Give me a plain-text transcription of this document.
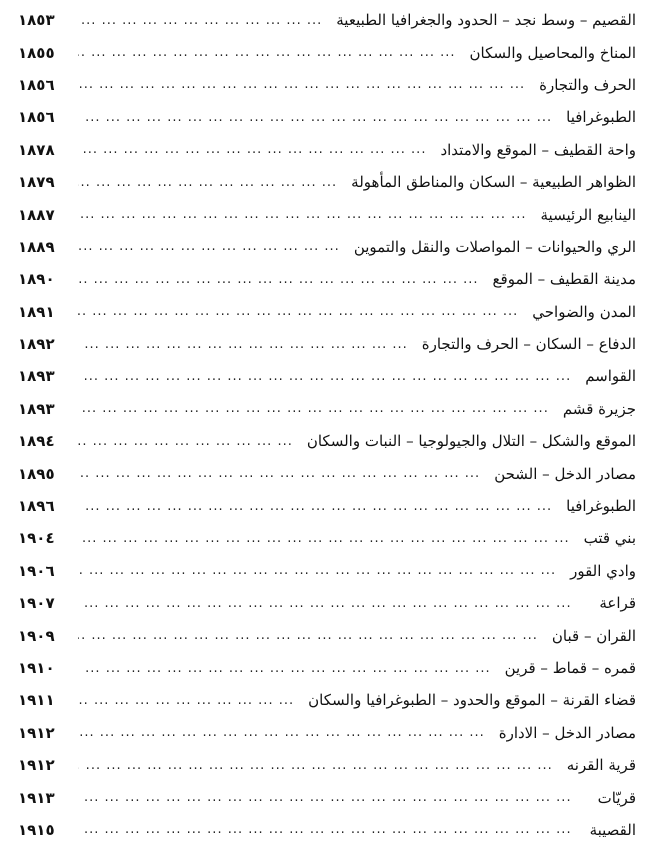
القصيم – وسط نجد – الحدود والجغرافيا الطبيعية
... .
١٨٥٣
المناخ والمحاصيل والسكان
... .
١٨٥٥
الحرف والتجارة
... .
١٨٥٦
الطبوغرافيا
... .
١٨٥٦
واحة القطيف – الموقع والامتداد
... .
١٨٧٨
الظواهر الطبيعية – السكان والمناطق المأهولة
... .
١٨٧٩
الينابيع الرئيسية
... .
١٨٨٧
الري والحيوانات – المواصلات والنقل والتموين
... .
١٨٨٩
مدينة القطيف – الموقع
... .
١٨٩٠
المدن والضواحي
... .
١٨٩١
الدفاع – السكان – الحرف والتجارة
... .
١٨٩٢
القواسم
... .
١٨٩٣
جزيرة قشم
... .
١٨٩٣
الموقع والشكل – التلال والجيولوجيا – النبات والسكان
... .
١٨٩٤
مصادر الدخل – الشحن
... .
١٨٩٥
الطبوغرافيا
... .
١٨٩٦
بني قتب
... .
١٩٠٤
وادي القور
... .
١٩٠٦
قراعة
... .
١٩٠٧
القران – قبان
... .
١٩٠٩
قمره – قماط – قرين
... .
١٩١٠
قضاء القرنة – الموقع والحدود – الطبوغرافيا والسكان
... .
١٩١١
مصادر الدخل – الادارة
... .
١٩١٢
قرية القرنه
... .
١٩١٢
قريّات
... .
١٩١٣
القصيبة
... .
١٩١٥
